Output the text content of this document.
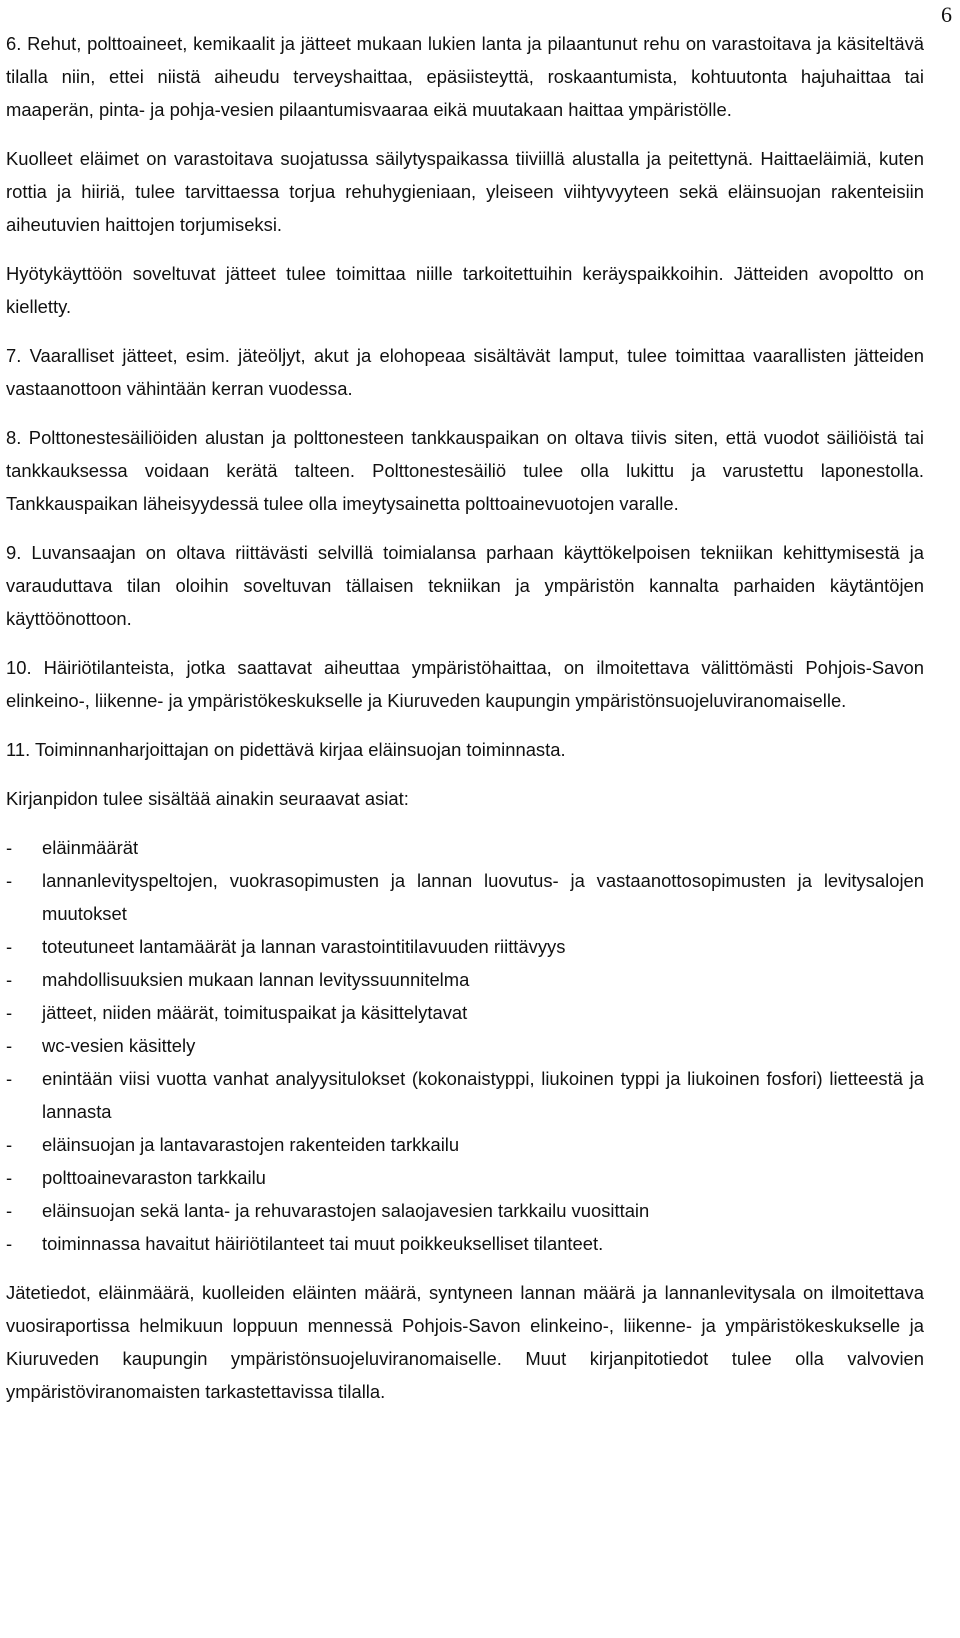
6

6. Rehut, polttoaineet, kemikaalit ja jätteet mukaan lukien lanta ja pilaantunut rehu on varastoitava ja käsiteltävä tilalla niin, ettei niistä aiheudu terveyshaittaa, epäsiisteyttä, roskaantumista, kohtuutonta hajuhaittaa tai maaperän, pinta- ja pohja-vesien pilaantumisvaaraa eikä muutakaan haittaa ympäristölle.

Kuolleet eläimet on varastoitava suojatussa säilytyspaikassa tiiviillä alustalla ja peitettynä. Haittaeläimiä, kuten rottia ja hiiriä, tulee tarvittaessa torjua rehuhygieniaan, yleiseen viihtyvyyteen sekä eläinsuojan rakenteisiin aiheutuvien haittojen torjumiseksi.

Hyötykäyttöön soveltuvat jätteet tulee toimittaa niille tarkoitettuihin keräyspaikkoihin. Jätteiden avopoltto on kielletty.

7. Vaaralliset jätteet, esim. jäteöljyt, akut ja elohopeaa sisältävät lamput, tulee toimittaa vaarallisten jätteiden vastaanottoon vähintään kerran vuodessa.

8. Polttonestesäiliöiden alustan ja polttonesteen tankkauspaikan on oltava tiivis siten, että vuodot säiliöistä tai tankkauksessa voidaan kerätä talteen. Polttonestesäiliö tulee olla lukittu ja varustettu laponestolla. Tankkauspaikan läheisyydessä tulee olla imeytysainetta polttoainevuotojen varalle.

9. Luvansaajan on oltava riittävästi selvillä toimialansa parhaan käyttökelpoisen tekniikan kehittymisestä ja varauduttava tilan oloihin soveltuvan tällaisen tekniikan ja ympäristön kannalta parhaiden käytäntöjen käyttöönottoon.

10. Häiriötilanteista, jotka saattavat aiheuttaa ympäristöhaittaa, on ilmoitettava välittömästi Pohjois-Savon elinkeino-, liikenne- ja ympäristökeskukselle ja Kiuruveden kaupungin ympäristönsuojeluviranomaiselle.

11. Toiminnanharjoittajan on pidettävä kirjaa eläinsuojan toiminnasta.

Kirjanpidon tulee sisältää ainakin seuraavat asiat:

- eläinmäärät
- lannanlevityspeltojen, vuokrasopimusten ja lannan luovutus- ja vastaanottosopimusten ja levitysalojen muutokset
- toteutuneet lantamäärät ja lannan varastointitilavuuden riittävyys
- mahdollisuuksien mukaan lannan levityssuunnitelma
- jätteet, niiden määrät, toimituspaikat ja käsittelytavat
- wc-vesien käsittely
- enintään viisi vuotta vanhat analyysitulokset (kokonaistyppi, liukoinen typpi ja liukoinen fosfori) lietteestä ja lannasta
- eläinsuojan ja lantavarastojen rakenteiden tarkkailu
- polttoainevaraston tarkkailu
- eläinsuojan sekä lanta- ja rehuvarastojen salaojavesien tarkkailu vuosittain
- toiminnassa havaitut häiriötilanteet tai muut poikkeukselliset tilanteet.

Jätetiedot, eläinmäärä, kuolleiden eläinten määrä, syntyneen lannan määrä ja lannanlevitysala on ilmoitettava vuosiraportissa helmikuun loppuun mennessä Pohjois-Savon elinkeino-, liikenne- ja ympäristökeskukselle ja Kiuruveden kaupungin ympäristönsuojeluviranomaiselle. Muut kirjanpitotiedot tulee olla valvovien ympäristöviranomaisten tarkastettavissa tilalla.
